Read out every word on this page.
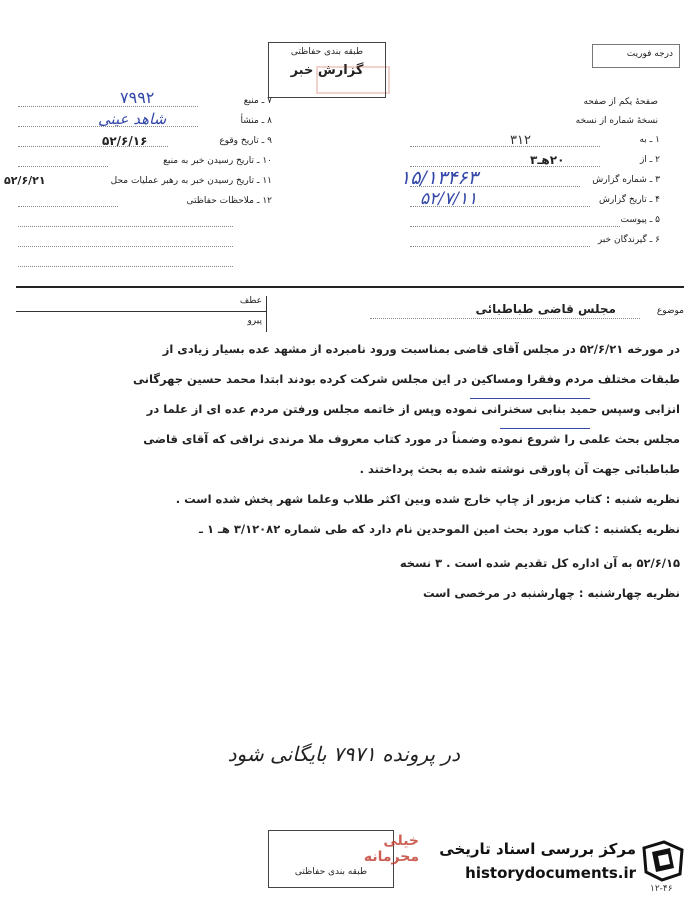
طبقه بندی حفاظتی
گزارش خبر
درجه فوریت
صفحهٔ یکم از صفحه
نسخهٔ شماره از نسخه
۱ ـ به
۳۱۲
۲ ـ از
۲۰هـ۳
۳ ـ شماره گزارش
۱۵/۱۳۴۶۳
۴ ـ تاریخ گزارش
۵۲/۷/۱۱
۵ ـ پیوست
۶ ـ گیرندگان خبر
۷ ـ منبع
۷۹۹۲
۸ ـ منشأ
شاهد عینی
۹ ـ تاریخ وقوع
۵۲/۶/۱۶
۱۰ ـ تاریخ رسیدن خبر به منبع
۱۱ ـ تاریخ رسیدن خبر به رهبر عملیات محل
۵۲/۶/۲۱
۱۲ ـ ملاحظات حفاظتی
موضوع
مجلس قاضی طباطبائی
عطف
پیرو
در مورخه ۵۲/۶/۲۱ در مجلس آقای قاضی بمناسبت ورود نامبرده از مشهد عده بسیار زیادی از
طبقات مختلف مردم وفقرا ومساکین در این مجلس شرکت کرده بودند ابتدا محمد حسین جهرگانی
انزابی وسپس حمید بنابی سخنرانی نموده وپس از خاتمه مجلس ورفتن مردم عده ای از علما در
مجلس بحث علمی را شروع نموده وضمناً در مورد کتاب معروف ملا مرندی نراقی که آقای قاضی
طباطبائی جهت آن پاورقی نوشته شده به بحث پرداختند .
نظریه شنبه : کتاب مزبور از چاپ خارج شده وبین اکثر طلاب وعلما شهر پخش شده است .
نظریه یکشنبه : کتاب مورد بحث امین الموحدین نام دارد که طی شماره ۳/۱۲۰۸۲ هـ ۱ ـ
۵۲/۶/۱۵ به آن اداره کل تقدیم شده است . ۳ نسخه
نظریه چهارشنبه : چهارشنبه در مرخصی است
در پرونده ۷۹۷۱ بایگانی شود
خیلی محرمانه
طبقه بندی حفاظتی
مرکز بررسی اسناد تاریخی
historydocuments.ir
۱۲-۴۶
